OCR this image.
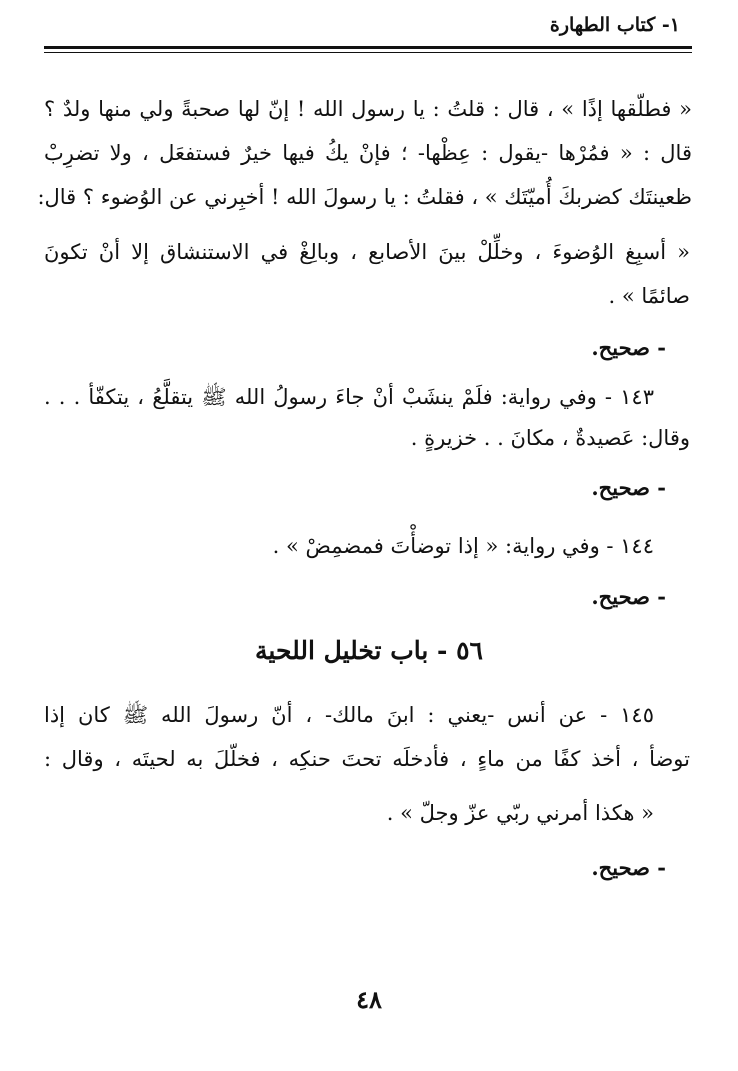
١- كتاب الطهارة
« فطلّقها إذًا » ، قال : قلتُ : يا رسول الله ! إنّ لها صحبةً ولي منها ولدٌ ؟
قال : « فمُرْها -يقول : عِظْها- ؛ فإنْ يكُ فيها خيرٌ فستفعَل ، ولا تضرِبْ
ظعينتَك كضربكَ أُميّتَك » ، فقلتُ : يا رسولَ الله ! أخبِرني عن الوُضوء ؟ قال:
« أسبِغ الوُضوءَ ، وخلِّلْ بينَ الأصابع ، وبالِغْ في الاستنشاق إلا أنْ تكونَ
صائمًا » .
- صحيح.
١٤٣ - وفي رواية: فلَمْ ينشَبْ أنْ جاءَ رسولُ الله ﷺ يتقلَّعُ ، يتكفّأ . . .
وقال: عَصيدةٌ ، مكانَ . . خزيرةٍ .
- صحيح.
١٤٤ - وفي رواية: « إذا توضأْتَ فمضمِضْ » .
- صحيح.
٥٦ - باب تخليل اللحية
١٤٥ - عن أنس -يعني : ابنَ مالك- ، أنّ رسولَ الله ﷺ كان إذا
توضأ ، أخذ كفًا من ماءٍ ، فأدخلَه تحتَ حنكِه ، فخلّلَ به لحيتَه ، وقال :
« هكذا أمرني ربّي عزّ وجلّ » .
- صحيح.
٤٨
